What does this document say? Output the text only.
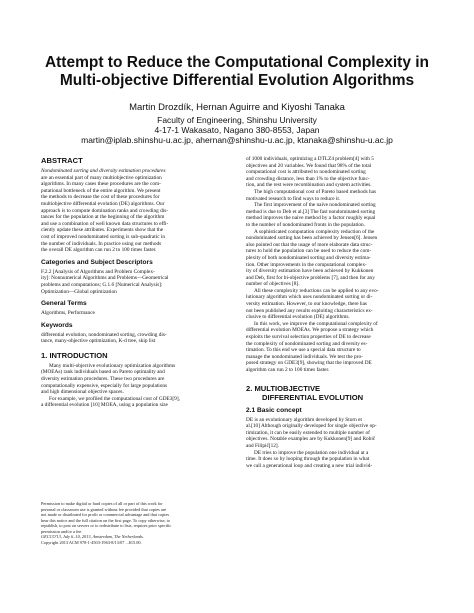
Attempt to Reduce the Computational Complexity in
Multi-objective Differential Evolution Algorithms
Martin Drozdík, Hernan Aguirre and Kiyoshi Tanaka
Faculty of Engineering, Shinshu University
4-17-1 Wakasato, Nagano 380-8553, Japan
martin@iplab.shinshu-u.ac.jp, ahernan@shinshu-u.ac.jp, ktanaka@shinshu-u.ac.jp
ABSTRACT
Nondominated sorting and diversity estimation procedures
are an essential part of many multiobjective optimization
algorithms. In many cases these procedures are the com-
putational bottleneck of the entire algorithm. We present
the methods to decrease the cost of these procedures for
multiobjective differential evolution (DE) algorithms. Our
approach is to compute domination ranks and crowding dis-
tances for the population at the beginning of the algorithm
and use a combination of well known data structures to effi-
ciently update these attributes. Experiments show that the
cost of improved nondominated sorting is sub-quadratic in
the number of individuals. In practice using our methods
the overall DE algorithm can run 2 to 100 times faster.
Categories and Subject Descriptors
F.2.2 [Analysis of Algorithms and Problem Complex-
ity]: Nonnumerical Algorithms and Problems—Geometrical
problems and computations; G.1.6 [Numerical Analysis]:
Optimization—Global optimization
General Terms

Algorithms, Performance

Keywords
differential evolution, nondominated sorting, crowding dis-
tance, many-objective optimization, K-d tree, skip list
1. INTRODUCTION
Many multi-objective evolutionary optimization algorithms
(MOEAs) rank individuals based on Pareto optimality and
diversity estimation procedures. These two procedures are
computationally expensive, especially for large populations
and high dimensional objective spaces.
For example, we profiled the computational cost of GDE3[9],
a differential evolution [10] MOEA, using a population size
Permission to make digital or hard copies of all or part of this work for
personal or classroom use is granted without fee provided that copies are
not made or distributed for profit or commercial advantage and that copies
bear this notice and the full citation on the first page. To copy otherwise, to
republish, to post on servers or to redistribute to lists, requires prior specific
permission and/or a fee.
GECCO'13, July 6–10, 2013, Amsterdam, The Netherlands.
Copyright 2013 ACM 978-1-4503-1963-8/13/07 ...$15.00.
of 1000 individuals, optimizing a DTLZ4 problem[4] with 5
objectives and 20 variables. We found that 98% of the total
computational cost is attributed to nondominated sorting
and crowding distance, less than 1% to the objective func-
tion, and the rest were recombination and system activities.
The high computational cost of Pareto based methods has
motivated research to find ways to reduce it.
The first improvement of the naive nondominated sorting
method is due to Deb et al.[3] The fast nondominated sorting
method improves the naive method by a factor roughly equal
to the number of nondominated fronts in the population.
A sophisticated computation complexity reduction of the
nondominated sorting has been achieved by Jensen[6]. Jensen
also pointed out that the usage of more elaborate data struc-
tures to hold the population can be used to reduce the com-
plexity of both nondominated sorting and diversity estima-
tion. Other improvements in the computational complex-
ity of diversity estimation have been achieved by Kukkonen
and Deb, first for bi-objective problems [7], and then for any
number of objectives [8].
All these complexity reductions can be applied to any evo-
lutionary algorithm which uses nondominated sorting or di-
versity estimation. However, to our knowledge, there has
not been published any results exploiting characteristics ex-
clusive to differential evolution (DE) algorithms.
In this work, we improve the computational complexity of
differential evolution MOEAs. We propose a strategy which
exploits the survival selection properties of DE to decrease
the complexity of nondominated sorting and diversity es-
timation. To this end we use a special data structure to
manage the nondominated individuals. We test the pro-
posed strategy on GDE3[9], showing that the improved DE
algorithm can run 2 to 100 times faster.
2. MULTIOBJECTIVE
DIFFERENTIAL EVOLUTION
2.1 Basic concept
DE is an evolutionary algorithm developed by Storn et
al.[10] Although originally developed for single objective op-
timization, it can be easily extended to multiple number of
objectives. Notable examples are by Kukkonen[9] and Robič
and Filipič[12].
DE tries to improve the population one individual at a
time. It does so by looping through the population in what
we call a generational loop and creating a new trial individ-
